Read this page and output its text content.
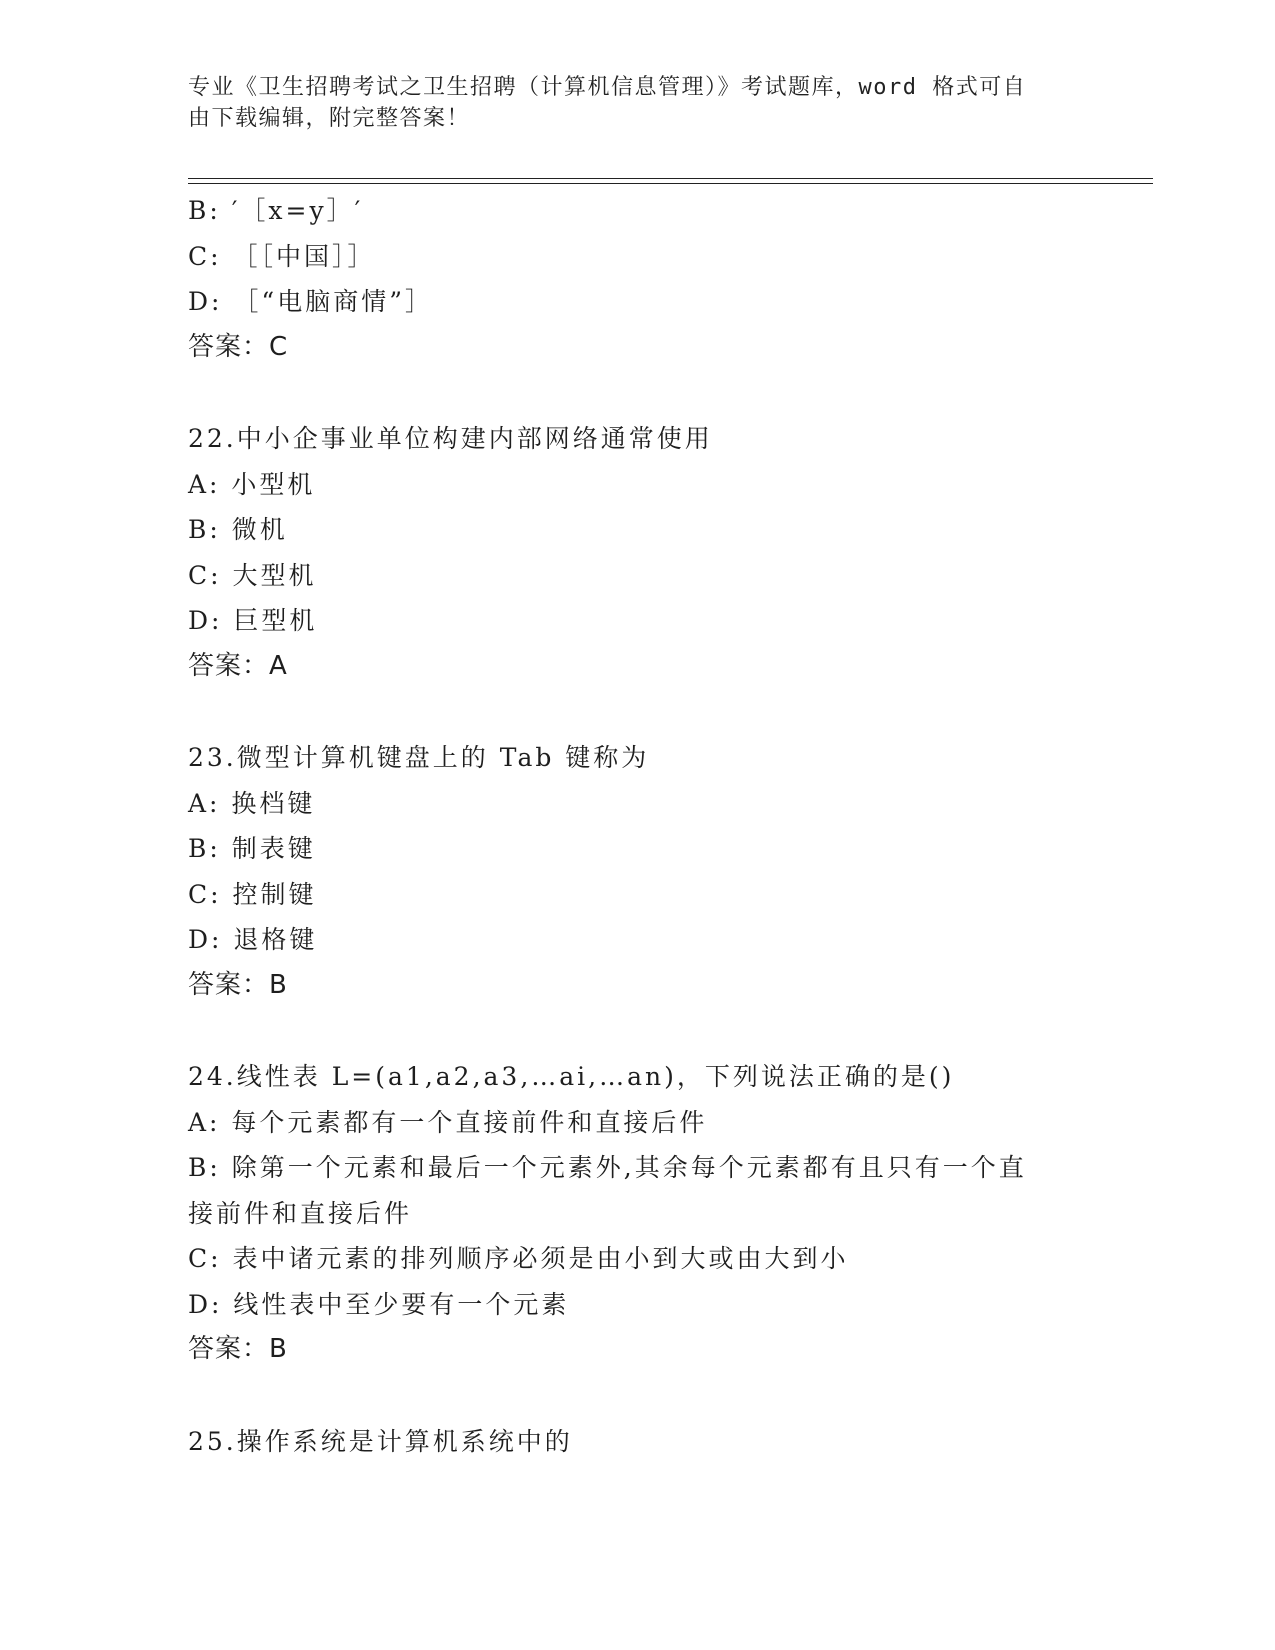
专业《卫生招聘考试之卫生招聘（计算机信息管理）》考试题库，word 格式可自
由下载编辑，附完整答案！
B: ′［x=y］′
C: ［［中国］］
D: ［“电脑商情”］
答案：C
22.中小企事业单位构建内部网络通常使用
A: 小型机
B: 微机
C: 大型机
D: 巨型机
答案：A
23.微型计算机键盘上的 Tab 键称为
A: 换档键
B: 制表键
C: 控制键
D: 退格键
答案：B
24.线性表 L=(a1,a2,a3,…ai,…an)，下列说法正确的是()
A: 每个元素都有一个直接前件和直接后件
B: 除第一个元素和最后一个元素外,其余每个元素都有且只有一个直
接前件和直接后件
C: 表中诸元素的排列顺序必须是由小到大或由大到小
D: 线性表中至少要有一个元素
答案：B
25.操作系统是计算机系统中的
